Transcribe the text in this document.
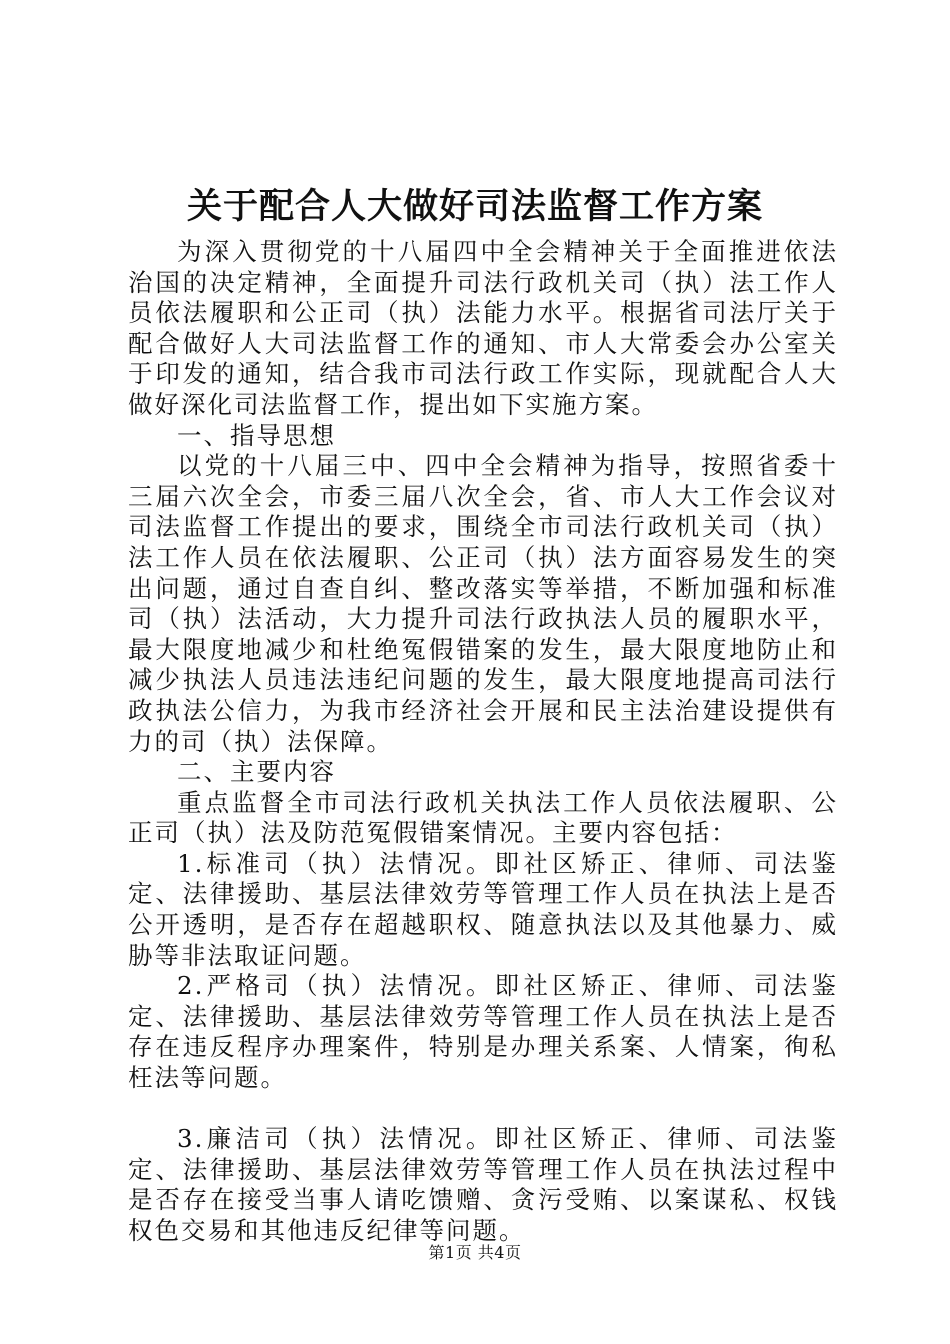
关于配合人大做好司法监督工作方案

为深入贯彻党的十八届四中全会精神关于全面推进依法治国的决定精神，全面提升司法行政机关司（执）法工作人员依法履职和公正司（执）法能力水平。根据省司法厅关于配合做好人大司法监督工作的通知、市人大常委会办公室关于印发的通知，结合我市司法行政工作实际，现就配合人大做好深化司法监督工作，提出如下实施方案。

一、指导思想

以党的十八届三中、四中全会精神为指导，按照省委十三届六次全会，市委三届八次全会，省、市人大工作会议对司法监督工作提出的要求，围绕全市司法行政机关司（执）法工作人员在依法履职、公正司（执）法方面容易发生的突出问题，通过自查自纠、整改落实等举措，不断加强和标准司（执）法活动，大力提升司法行政执法人员的履职水平，最大限度地减少和杜绝冤假错案的发生，最大限度地防止和减少执法人员违法违纪问题的发生，最大限度地提高司法行政执法公信力，为我市经济社会开展和民主法治建设提供有力的司（执）法保障。

二、主要内容

重点监督全市司法行政机关执法工作人员依法履职、公正司（执）法及防范冤假错案情况。主要内容包括：

1.标准司（执）法情况。即社区矫正、律师、司法鉴定、法律援助、基层法律效劳等管理工作人员在执法上是否公开透明，是否存在超越职权、随意执法以及其他暴力、威胁等非法取证问题。

2.严格司（执）法情况。即社区矫正、律师、司法鉴定、法律援助、基层法律效劳等管理工作人员在执法上是否存在违反程序办理案件，特别是办理关系案、人情案，徇私枉法等问题。

3.廉洁司（执）法情况。即社区矫正、律师、司法鉴定、法律援助、基层法律效劳等管理工作人员在执法过程中是否存在接受当事人请吃馈赠、贪污受贿、以案谋私、权钱权色交易和其他违反纪律等问题。

第1页 共4页
